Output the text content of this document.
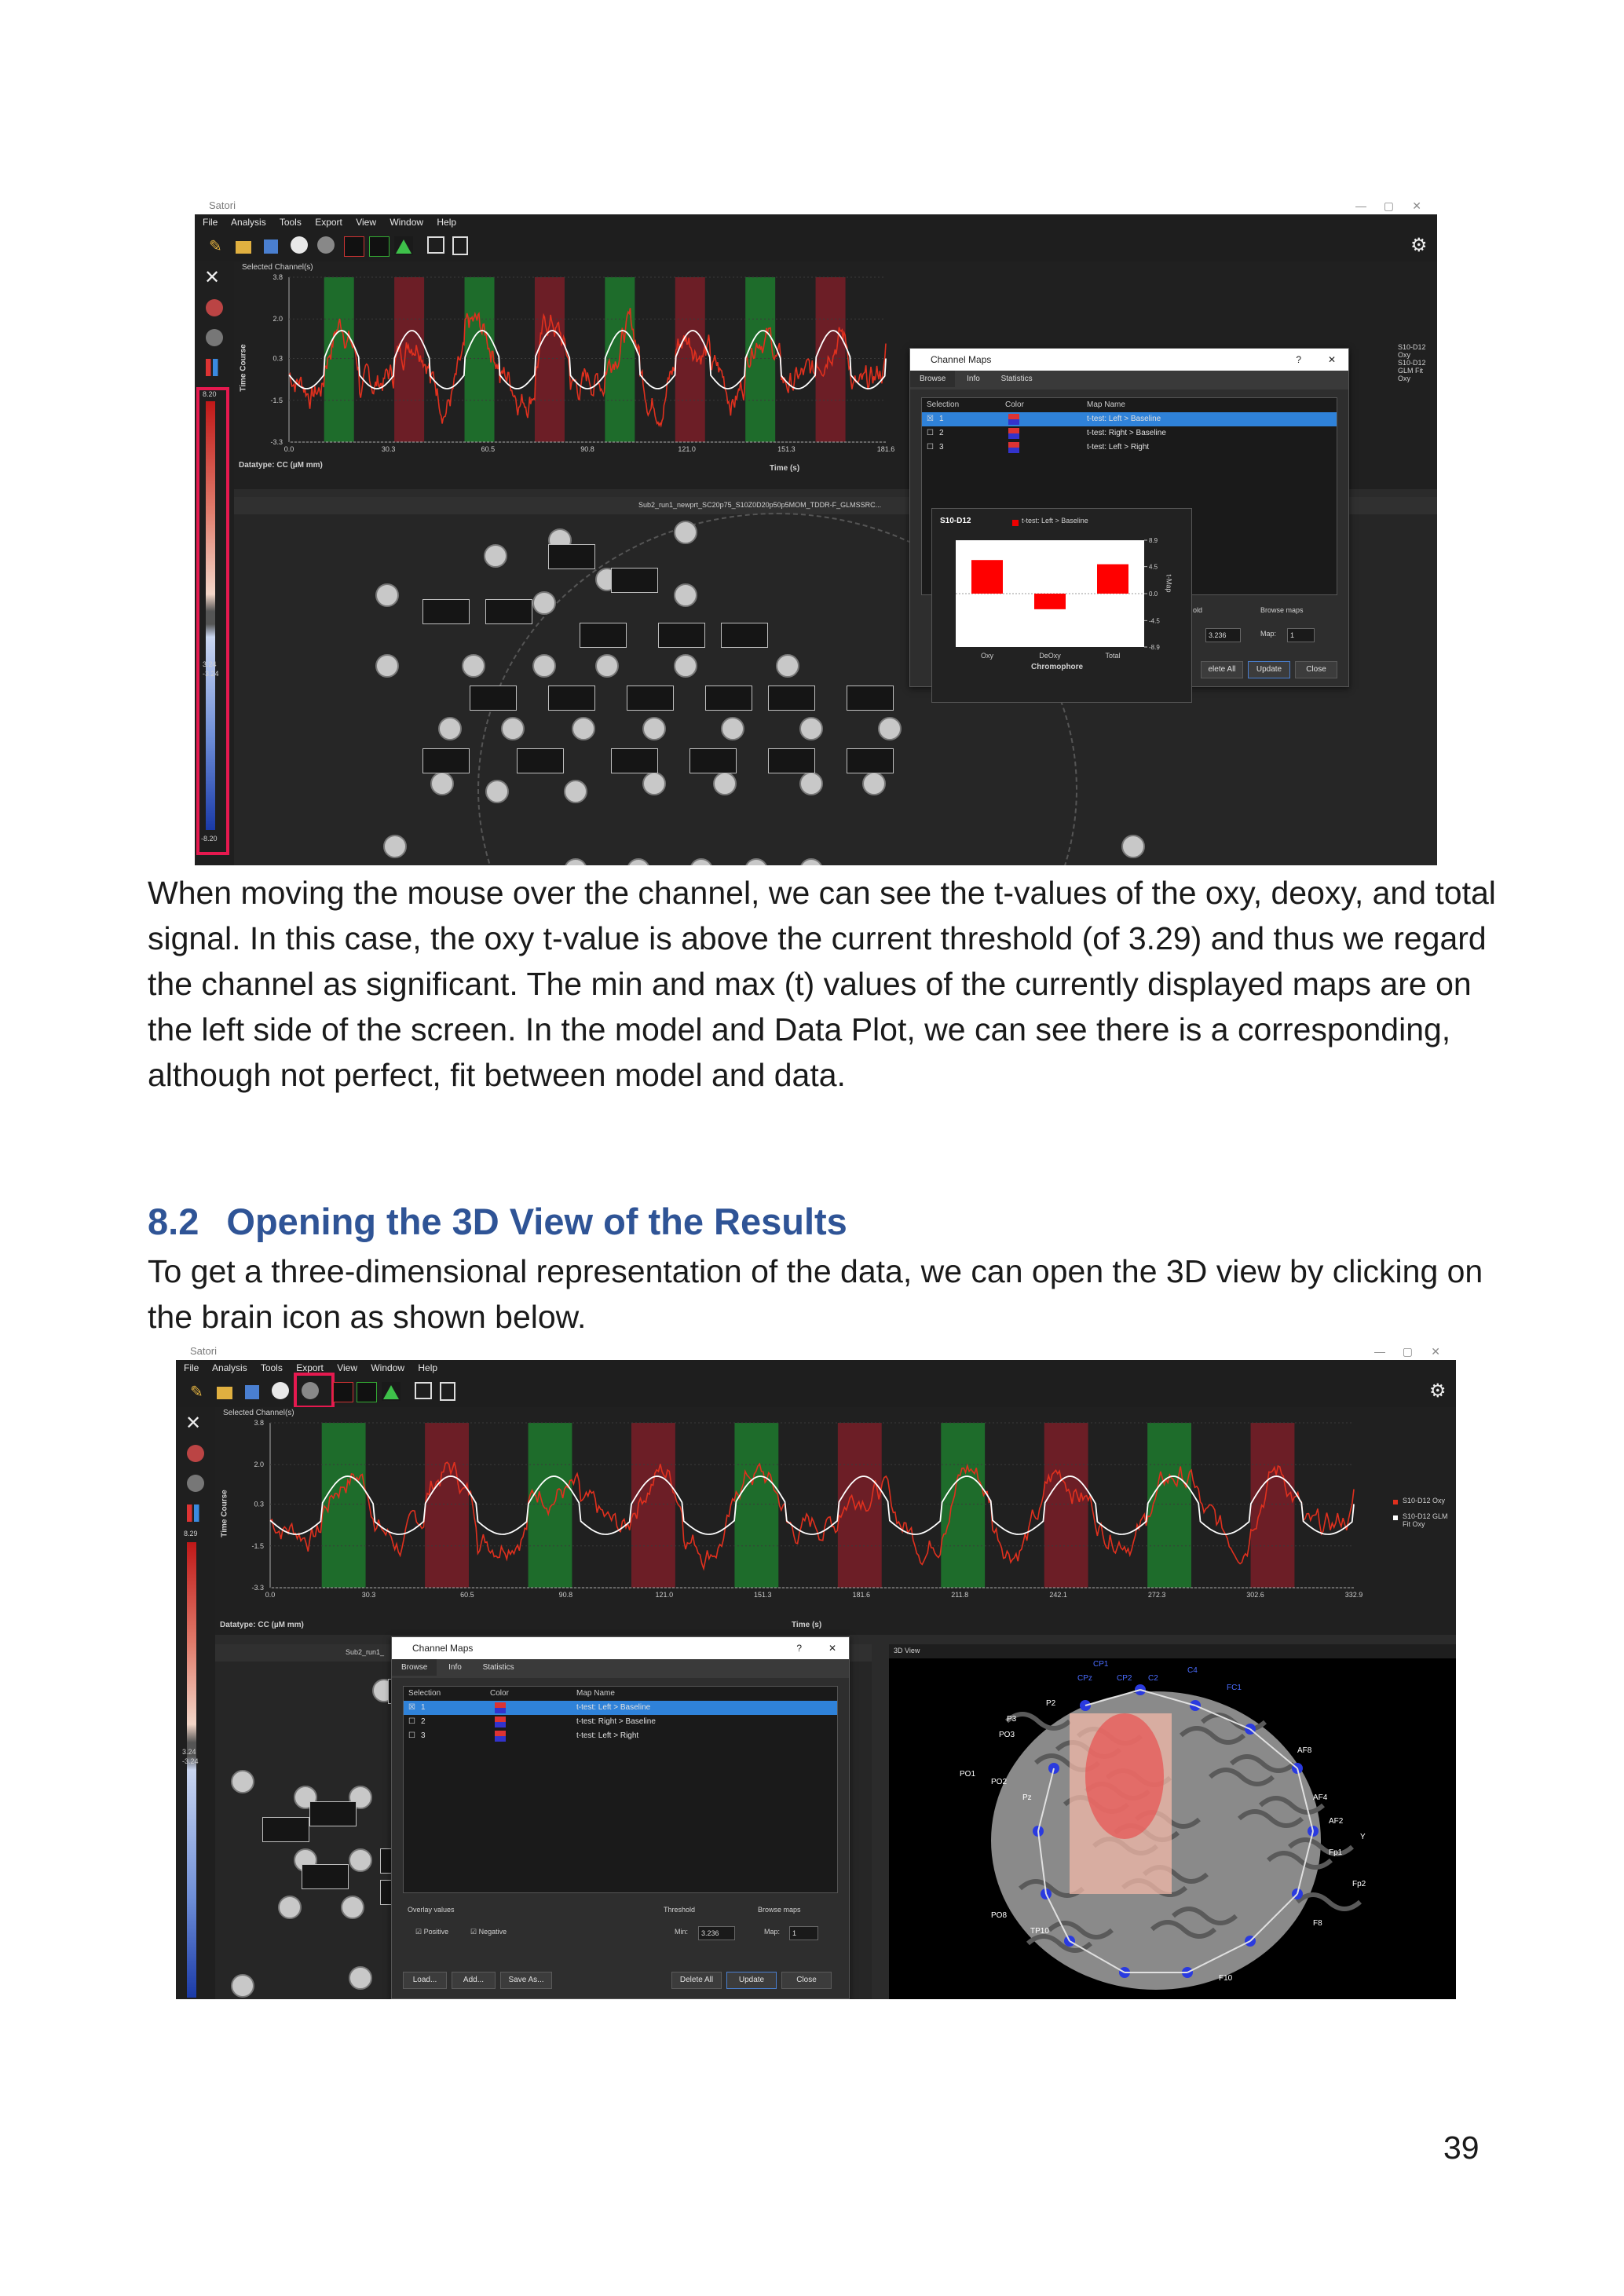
Satori	— ▢ ✕
File Analysis Tools Export View Window Help
✎	⚙
✕
8.20
3.24
-3.24
-8.20
Selected Channel(s)
Time Course
3.8
2.0
0.3
-1.5
-3.3
0.0	30.3	60.5	90.8	121.0	151.3	181.6
Time (s)
Datatype: CC (µM mm)
S10-D12 Oxy
S10-D12 GLM Fit Oxy
Sub2_run1_newprt_SC20p75_S10Z0D20p50p5MOM_TDDR-F_GLMSSRC...
Channel Maps	?	✕
Browse	Info	Statistics
Selection	Color	Map Name
☒ 1	t-test: Left > Baseline
☐ 2	t-test: Right > Baseline
☐ 3	t-test: Left > Right
old	Browse maps
3.236	Map:	1
elete All	Update	Close
S10-D12	t-test: Left > Baseline
8.9
4.5
0.0
-4.5
-8.9
Oxy	DeOxy	Total
t-Map
Chromophore
When moving the mouse over the channel, we can see the t-values of the oxy, deoxy, and total signal. In this case, the oxy t-value is above the current threshold (of 3.29) and thus we regard the channel as significant. The min and max (t) values of the currently displayed maps are on the left side of the screen. In the model and Data Plot, we can see there is a corresponding, although not perfect, fit between model and data.
8.2 Opening the 3D View of the Results
To get a three-dimensional representation of the data, we can open the 3D view by clicking on the brain icon as shown below.
Satori	— ▢ ✕
File Analysis Tools Export View Window Help
✎	⚙
✕
8.29
3.24
-3.24
Selected Channel(s)
Time Course
3.8
2.0
0.3
-1.5
-3.3
0.0	30.3	60.5	90.8	121.0	151.3	181.6	211.8	242.1	272.3	302.6	332.9
Time (s)
Datatype: CC (µM mm)
S10-D12 Oxy
S10-D12 GLM Fit Oxy
Sub2_run1_	3D View
CP1
CPz	CP2 C2
C4
FC1
P2
P3
PO3
PO1
PO2
Pz
AF8
AF4
AF2
Fp1
Fp2
F8
PO8
TP10
F10
Y
Channel Maps	?	✕
Browse	Info	Statistics
Selection	Color	Map Name
☒ 1	t-test: Left > Baseline
☐ 2	t-test: Right > Baseline
☐ 3	t-test: Left > Right
Overlay values
☑ Positive	☑ Negative
Threshold	Browse maps
Min:	3.236	Map:	1
Load...	Add...	Save As...	Delete All	Update	Close
39
